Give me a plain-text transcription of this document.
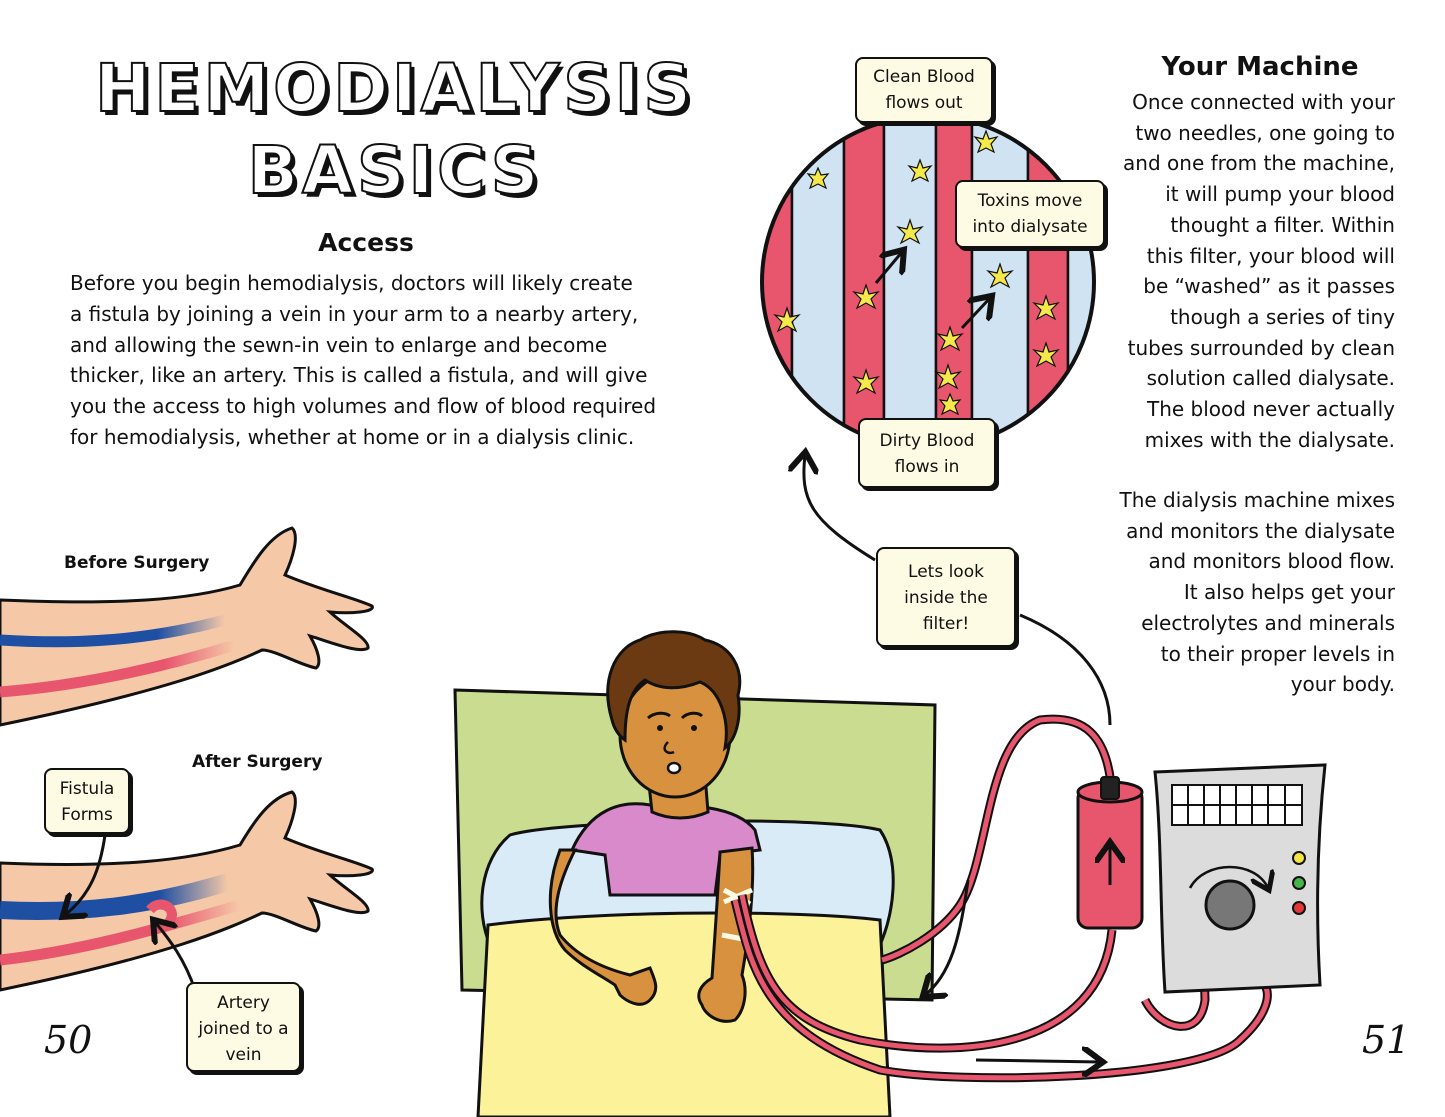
HEMODIALYSIS
BASICS
Access
Before you begin hemodialysis, doctors will likely create
a fistula by joining a vein in your arm to a nearby artery,
and allowing the sewn-in vein to enlarge and become
thicker, like an artery. This is called a fistula, and will give
you the access to high volumes and flow of blood required
for hemodialysis, whether at home or in a dialysis clinic.
Your Machine
Once connected with your
two needles, one going to
and one from the machine,
it will pump your blood
thought a filter. Within
this filter, your blood will
be “washed” as it passes
though a series of tiny
tubes surrounded by clean
solution called dialysate.
The blood never actually
mixes with the dialysate.
The dialysis machine mixes
and monitors the dialysate
and monitors blood flow.
It also helps get your
electrolytes and minerals
to their proper levels in
your body.
Clean Blood
flows out
Toxins move
into dialysate
Dirty Blood
flows in
Lets look
inside the
filter!
Fistula
Forms
Artery
joined to a
vein
Before Surgery
After Surgery
50	51
